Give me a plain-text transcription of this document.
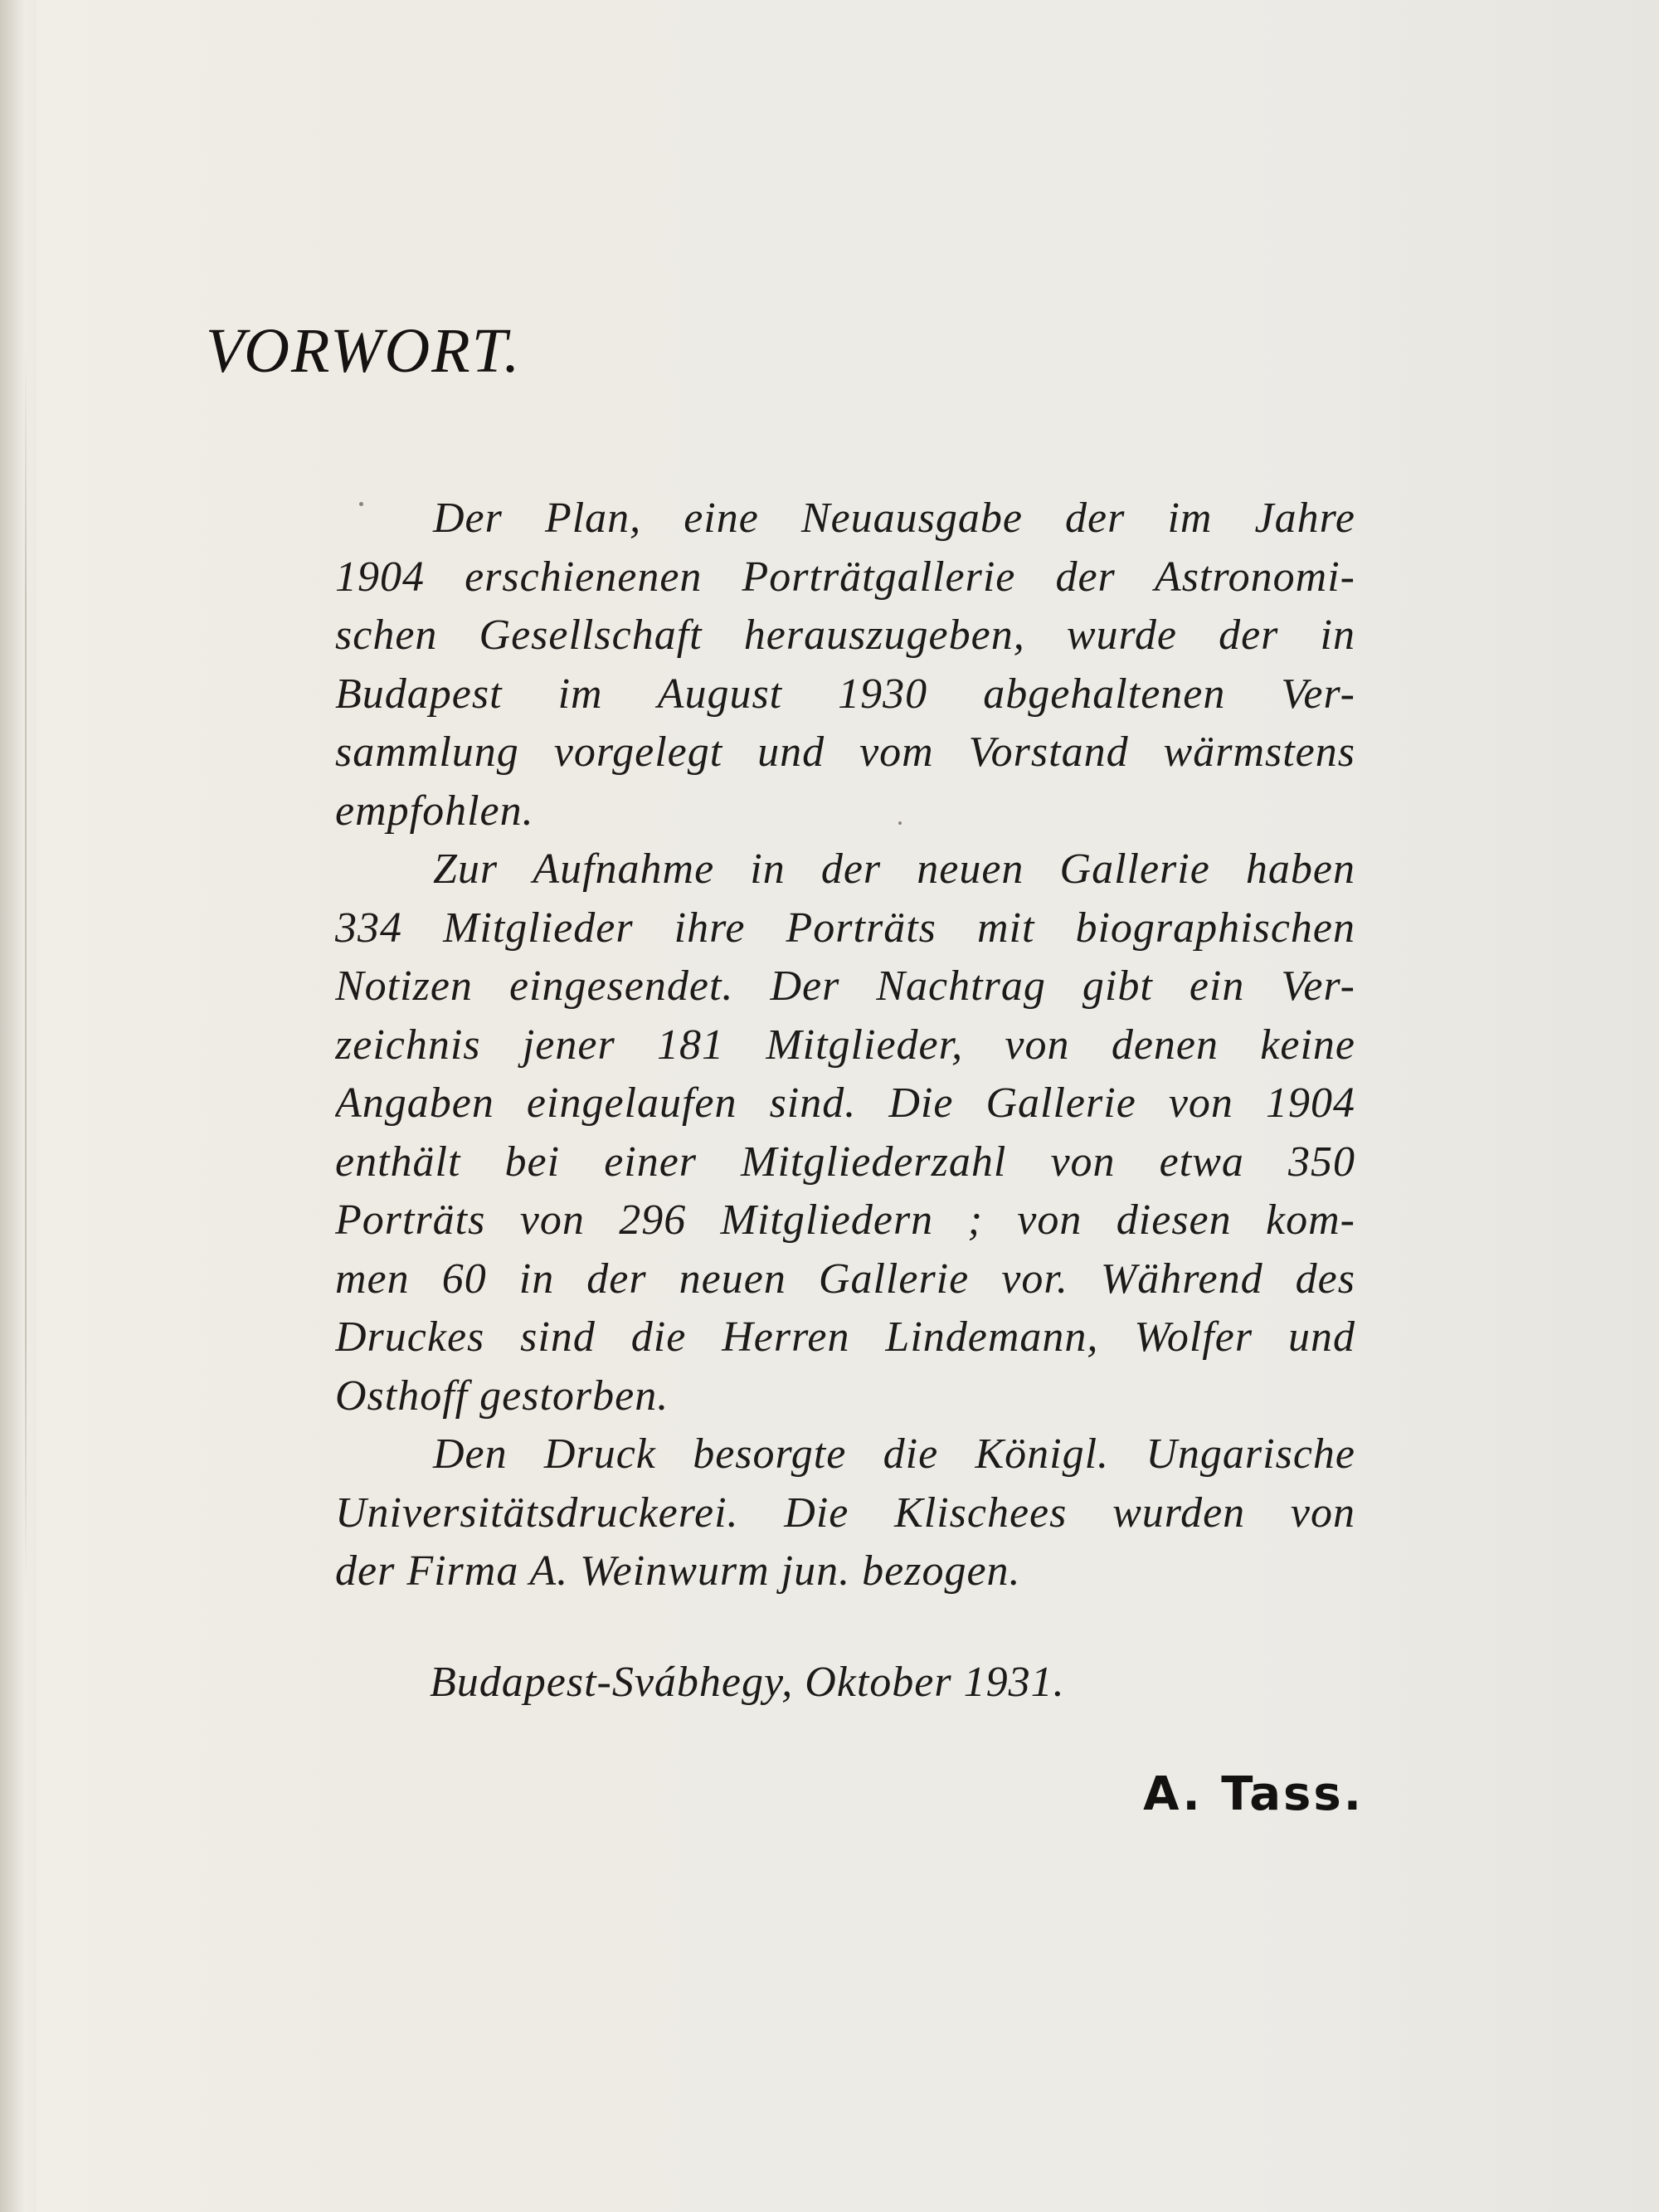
VORWORT.
Der Plan, eine Neuausgabe der im Jahre
1904 erschienenen Porträtgallerie der Astronomi-
schen Gesellschaft herauszugeben, wurde der in
Budapest im August 1930 abgehaltenen Ver-
sammlung vorgelegt und vom Vorstand wärmstens
empfohlen.
Zur Aufnahme in der neuen Gallerie haben
334 Mitglieder ihre Porträts mit biographischen
Notizen eingesendet. Der Nachtrag gibt ein Ver-
zeichnis jener 181 Mitglieder, von denen keine
Angaben eingelaufen sind. Die Gallerie von 1904
enthält bei einer Mitgliederzahl von etwa 350
Porträts von 296 Mitgliedern ; von diesen kom-
men 60 in der neuen Gallerie vor. Während des
Druckes sind die Herren Lindemann, Wolfer und
Osthoff gestorben.
Den Druck besorgte die Königl. Ungarische
Universitätsdruckerei. Die Klischees wurden von
der Firma A. Weinwurm jun. bezogen.
Budapest-Svábhegy, Oktober 1931.
A. Tass.
